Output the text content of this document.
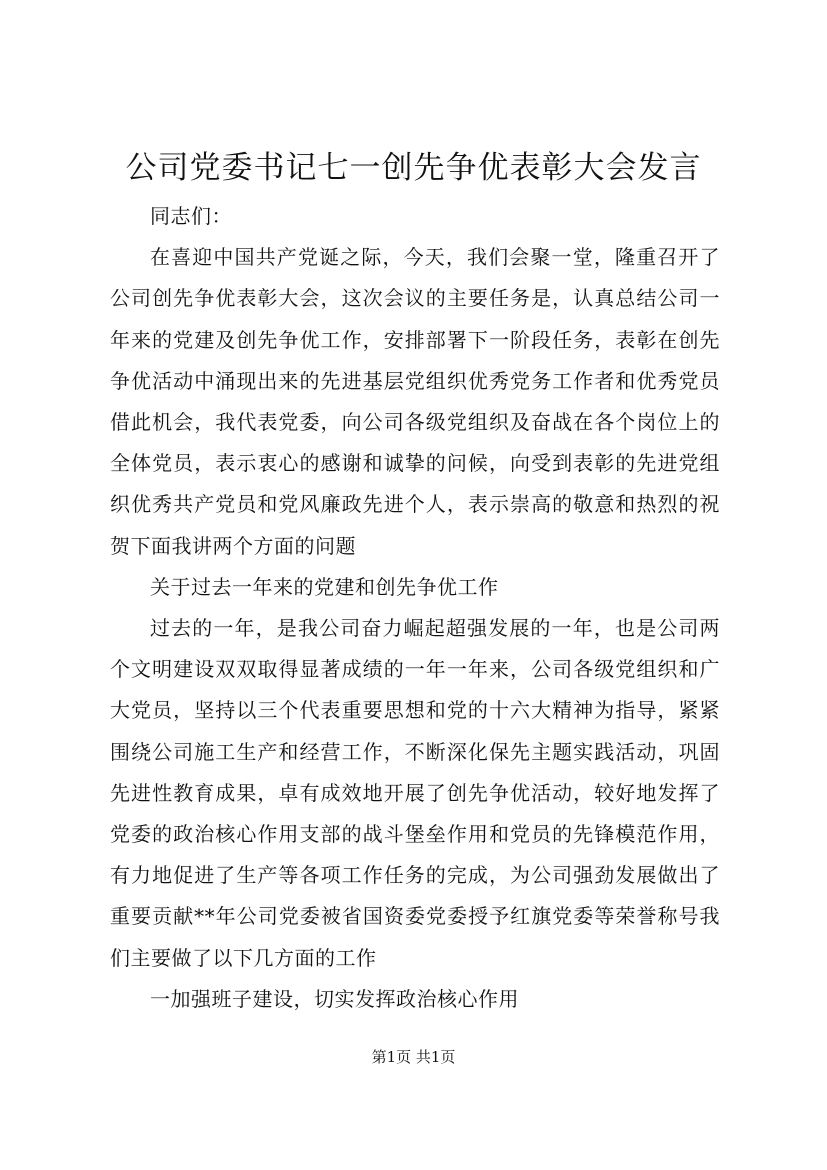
公司党委书记七一创先争优表彰大会发言

同志们：

在喜迎中国共产党诞之际，今天，我们会聚一堂，隆重召开了公司创先争优表彰大会，这次会议的主要任务是，认真总结公司一年来的党建及创先争优工作，安排部署下一阶段任务，表彰在创先争优活动中涌现出来的先进基层党组织优秀党务工作者和优秀党员借此机会，我代表党委，向公司各级党组织及奋战在各个岗位上的全体党员，表示衷心的感谢和诚挚的问候，向受到表彰的先进党组织优秀共产党员和党风廉政先进个人，表示崇高的敬意和热烈的祝贺下面我讲两个方面的问题

关于过去一年来的党建和创先争优工作

过去的一年，是我公司奋力崛起超强发展的一年，也是公司两个文明建设双双取得显著成绩的一年一年来，公司各级党组织和广大党员，坚持以三个代表重要思想和党的十六大精神为指导，紧紧围绕公司施工生产和经营工作，不断深化保先主题实践活动，巩固先进性教育成果，卓有成效地开展了创先争优活动，较好地发挥了党委的政治核心作用支部的战斗堡垒作用和党员的先锋模范作用，有力地促进了生产等各项工作任务的完成，为公司强劲发展做出了重要贡献**年公司党委被省国资委党委授予红旗党委等荣誉称号我们主要做了以下几方面的工作

一加强班子建设，切实发挥政治核心作用

第1页 共1页
